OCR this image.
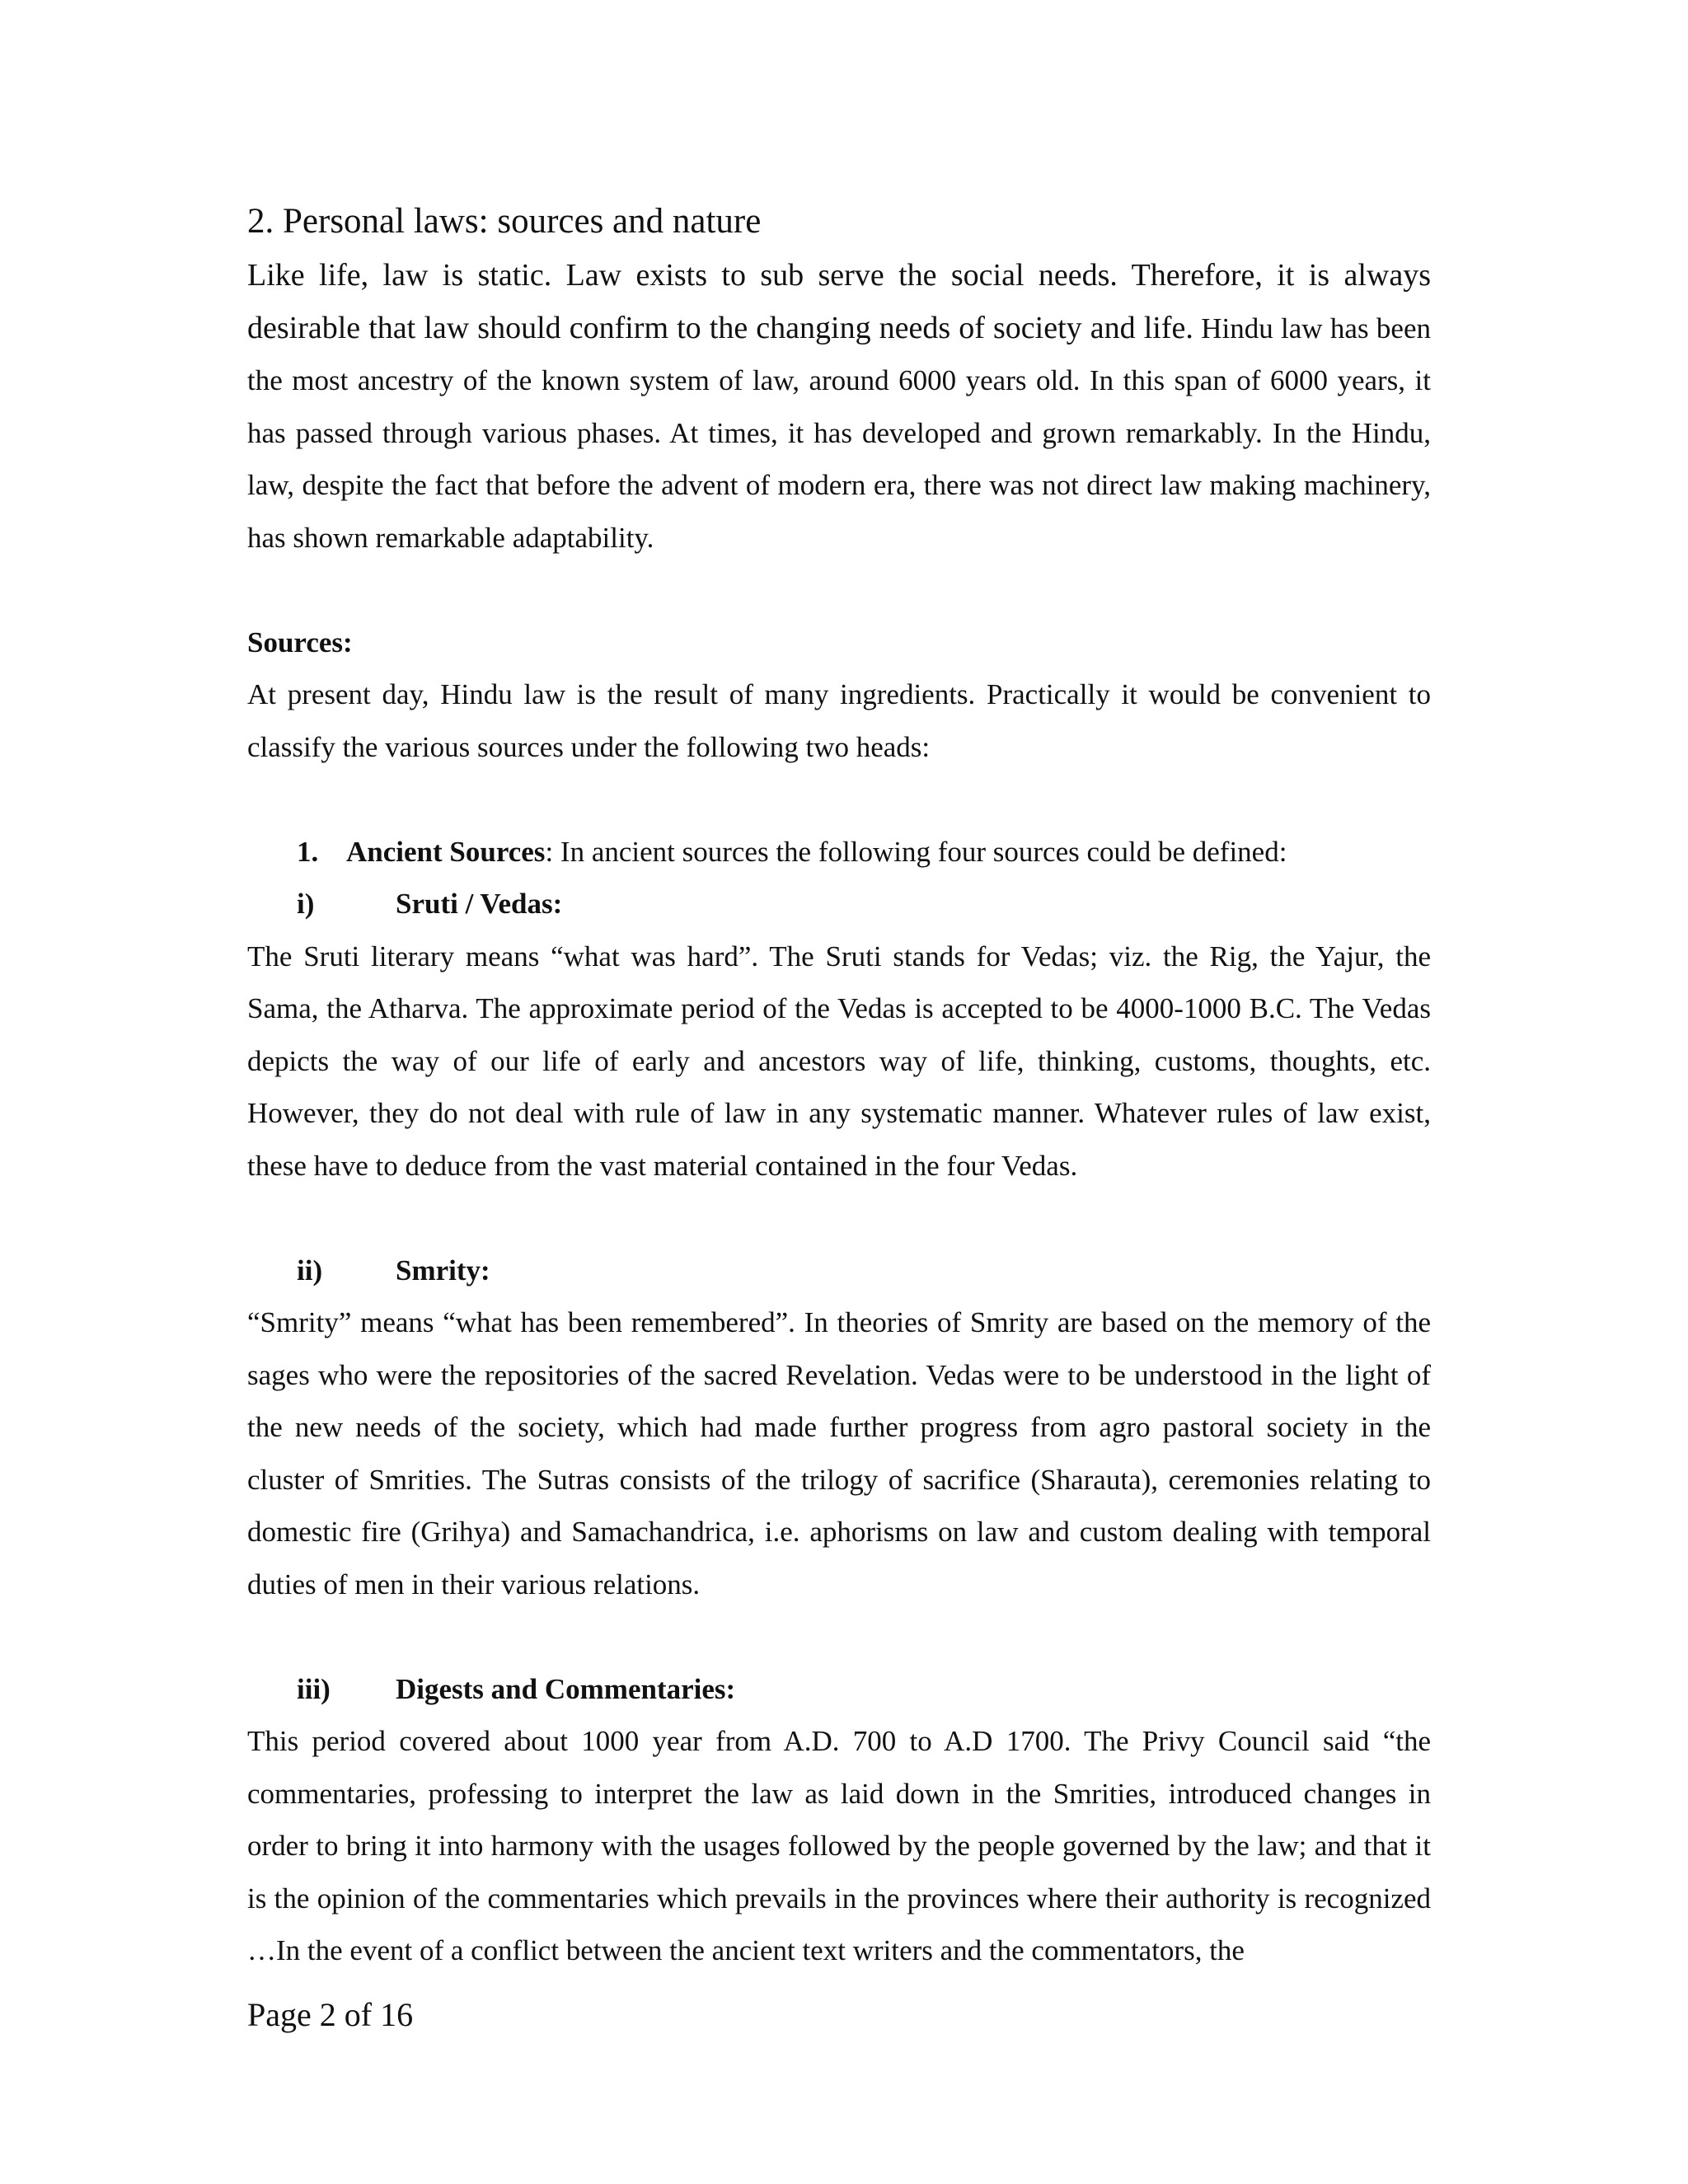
2. Personal laws: sources and nature

Like life, law is static. Law exists to sub serve the social needs. Therefore, it is always desirable that law should confirm to the changing needs of society and life. Hindu law has been the most ancestry of the known system of law, around 6000 years old. In this span of 6000 years, it has passed through various phases. At times, it has developed and grown remarkably. In the Hindu, law, despite the fact that before the advent of modern era, there was not direct law making machinery, has shown remarkable adaptability.

Sources:

At present day, Hindu law is the result of many ingredients. Practically it would be convenient to classify the various sources under the following two heads:

1. Ancient Sources: In ancient sources the following four sources could be defined:

i)	Sruti / Vedas:

The Sruti literary means “what was hard”. The Sruti stands for Vedas; viz. the Rig, the Yajur, the Sama, the Atharva. The approximate period of the Vedas is accepted to be 4000-1000 B.C. The Vedas depicts the way of our life of early and ancestors way of life, thinking, customs, thoughts, etc. However, they do not deal with rule of law in any systematic manner. Whatever rules of law exist, these have to deduce from the vast material contained in the four Vedas.

ii)	Smrity:

“Smrity” means “what has been remembered”. In theories of Smrity are based on the memory of the sages who were the repositories of the sacred Revelation. Vedas were to be understood in the light of the new needs of the society, which had made further progress from agro pastoral society in the cluster of Smrities. The Sutras consists of the trilogy of sacrifice (Sharauta), ceremonies relating to domestic fire (Grihya) and Samachandrica, i.e. aphorisms on law and custom dealing with temporal duties of men in their various relations.

iii) Digests and Commentaries:

This period covered about 1000 year from A.D. 700 to A.D 1700. The Privy Council said “the commentaries, professing to interpret the law as laid down in the Smrities, introduced changes in order to bring it into harmony with the usages followed by the people governed by the law; and that it is the opinion of the commentaries which prevails in the provinces where their authority is recognized …In the event of a conflict between the ancient text writers and the commentators, the

Page 2 of 16
